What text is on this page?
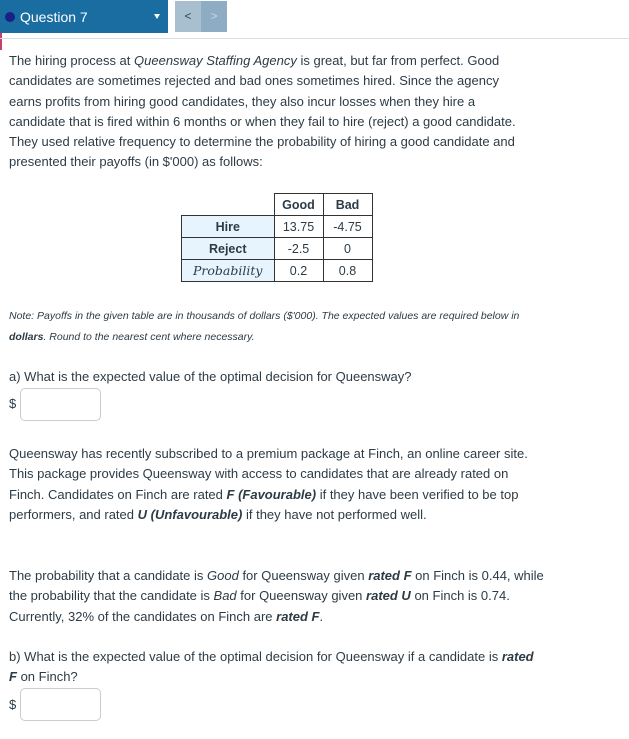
Question 7	<	>

The hiring process at Queensway Staffing Agency is great, but far from perfect. Good candidates are sometimes rejected and bad ones sometimes hired. Since the agency earns profits from hiring good candidates, they also incur losses when they hire a candidate that is fired within 6 months or when they fail to hire (reject) a good candidate. They used relative frequency to determine the probability of hiring a good candidate and presented their payoffs (in $'000) as follows:

	Good	Bad
Hire	13.75	-4.75
Reject	-2.5	0
Probability	0.2	0.8

Note: Payoffs in the given table are in thousands of dollars ($'000). The expected values are required below in dollars. Round to the nearest cent where necessary.

a) What is the expected value of the optimal decision for Queensway?

$

Queensway has recently subscribed to a premium package at Finch, an online career site. This package provides Queensway with access to candidates that are already rated on Finch. Candidates on Finch are rated F (Favourable) if they have been verified to be top performers, and rated U (Unfavourable) if they have not performed well.

The probability that a candidate is Good for Queensway given rated F on Finch is 0.44, while the probability that the candidate is Bad for Queensway given rated U on Finch is 0.74. Currently, 32% of the candidates on Finch are rated F.

b) What is the expected value of the optimal decision for Queensway if a candidate is rated F on Finch?

$
